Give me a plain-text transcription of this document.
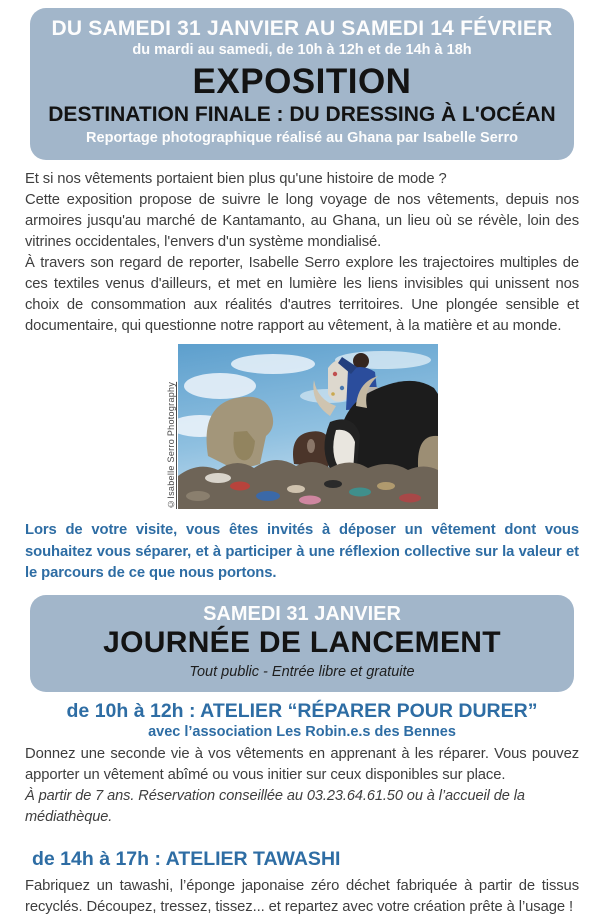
DU SAMEDI 31 JANVIER AU SAMEDI 14 FÉVRIER
du mardi au samedi, de 10h à 12h et de 14h à 18h
EXPOSITION
DESTINATION FINALE : DU DRESSING À L'OCÉAN
Reportage photographique réalisé au Ghana par Isabelle Serro

Et si nos vêtements portaient bien plus qu'une histoire de mode ?

Cette exposition propose de suivre le long voyage de nos vêtements, depuis nos armoires jusqu'au marché de Kantamanto, au Ghana, un lieu où se révèle, loin des vitrines occidentales, l'envers d'un système mondialisé.

À travers son regard de reporter, Isabelle Serro explore les trajectoires multiples de ces textiles venus d'ailleurs, et met en lumière les liens invisibles qui unissent nos choix de consommation aux réalités d'autres territoires. Une plongée sensible et documentaire, qui questionne notre rapport au vêtement, à la matière et au monde.

©Isabelle Serro Photography

Lors de votre visite, vous êtes invités à déposer un vêtement dont vous souhaitez vous séparer, et à participer à une réflexion collective sur la valeur et le parcours de ce que nous portons.

SAMEDI 31 JANVIER
JOURNÉE DE LANCEMENT
Tout public - Entrée libre et gratuite
de 10h à 12h : ATELIER “RÉPARER POUR DURER”
avec l’association Les Robin.e.s des Bennes

Donnez une seconde vie à vos vêtements en apprenant à les réparer. Vous pouvez apporter un vêtement abîmé ou vous initier sur ceux disponibles sur place.

À partir de 7 ans. Réservation conseillée au 03.23.64.61.50 ou à l’accueil de la médiathèque.

de 14h à 17h : ATELIER TAWASHI

Fabriquez un tawashi, l’éponge japonaise zéro déchet fabriquée à partir de tissus recyclés. Découpez, tressez, tissez... et repartez avec votre création prête à l’usage !
